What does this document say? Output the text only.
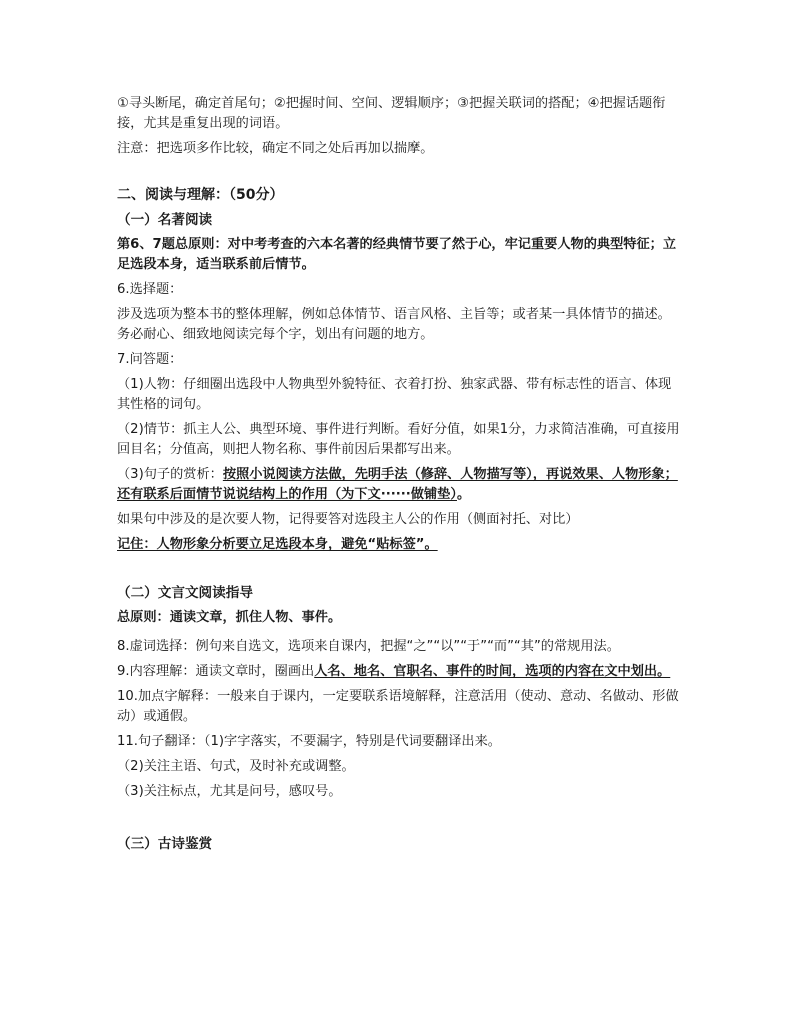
①寻头断尾，确定首尾句；②把握时间、空间、逻辑顺序；③把握关联词的搭配；④把握话题衔接，尤其是重复出现的词语。

注意：把选项多作比较，确定不同之处后再加以揣摩。

二、阅读与理解：（50分）

（一）名著阅读

第6、7题总原则：对中考考查的六本名著的经典情节要了然于心，牢记重要人物的典型特征；立足选段本身，适当联系前后情节。

6.选择题：

涉及选项为整本书的整体理解，例如总体情节、语言风格、主旨等；或者某一具体情节的描述。务必耐心、细致地阅读完每个字，划出有问题的地方。

7.问答题：

（1)人物：仔细圈出选段中人物典型外貌特征、衣着打扮、独家武器、带有标志性的语言、体现其性格的词句。

（2)情节：抓主人公、典型环境、事件进行判断。看好分值，如果1分，力求简洁准确，可直接用回目名；分值高，则把人物名称、事件前因后果都写出来。

（3)句子的赏析：按照小说阅读方法做，先明手法（修辞、人物描写等），再说效果、人物形象；还有联系后面情节说说结构上的作用（为下文······做铺垫）。

如果句中涉及的是次要人物，记得要答对选段主人公的作用（侧面衬托、对比）

记住：人物形象分析要立足选段本身，避免“贴标签”。

（二）文言文阅读指导

总原则：通读文章，抓住人物、事件。

8.虚词选择：例句来自选文，选项来自课内，把握“之”“以”“于”“而”“其”的常规用法。

9.内容理解：通读文章时，圈画出人名、地名、官职名、事件的时间，选项的内容在文中划出。

10.加点字解释：一般来自于课内，一定要联系语境解释，注意活用（使动、意动、名做动、形做动）或通假。

11.句子翻译：（1)字字落实，不要漏字，特别是代词要翻译出来。

（2)关注主语、句式，及时补充或调整。

（3)关注标点，尤其是问号，感叹号。

（三）古诗鉴赏
